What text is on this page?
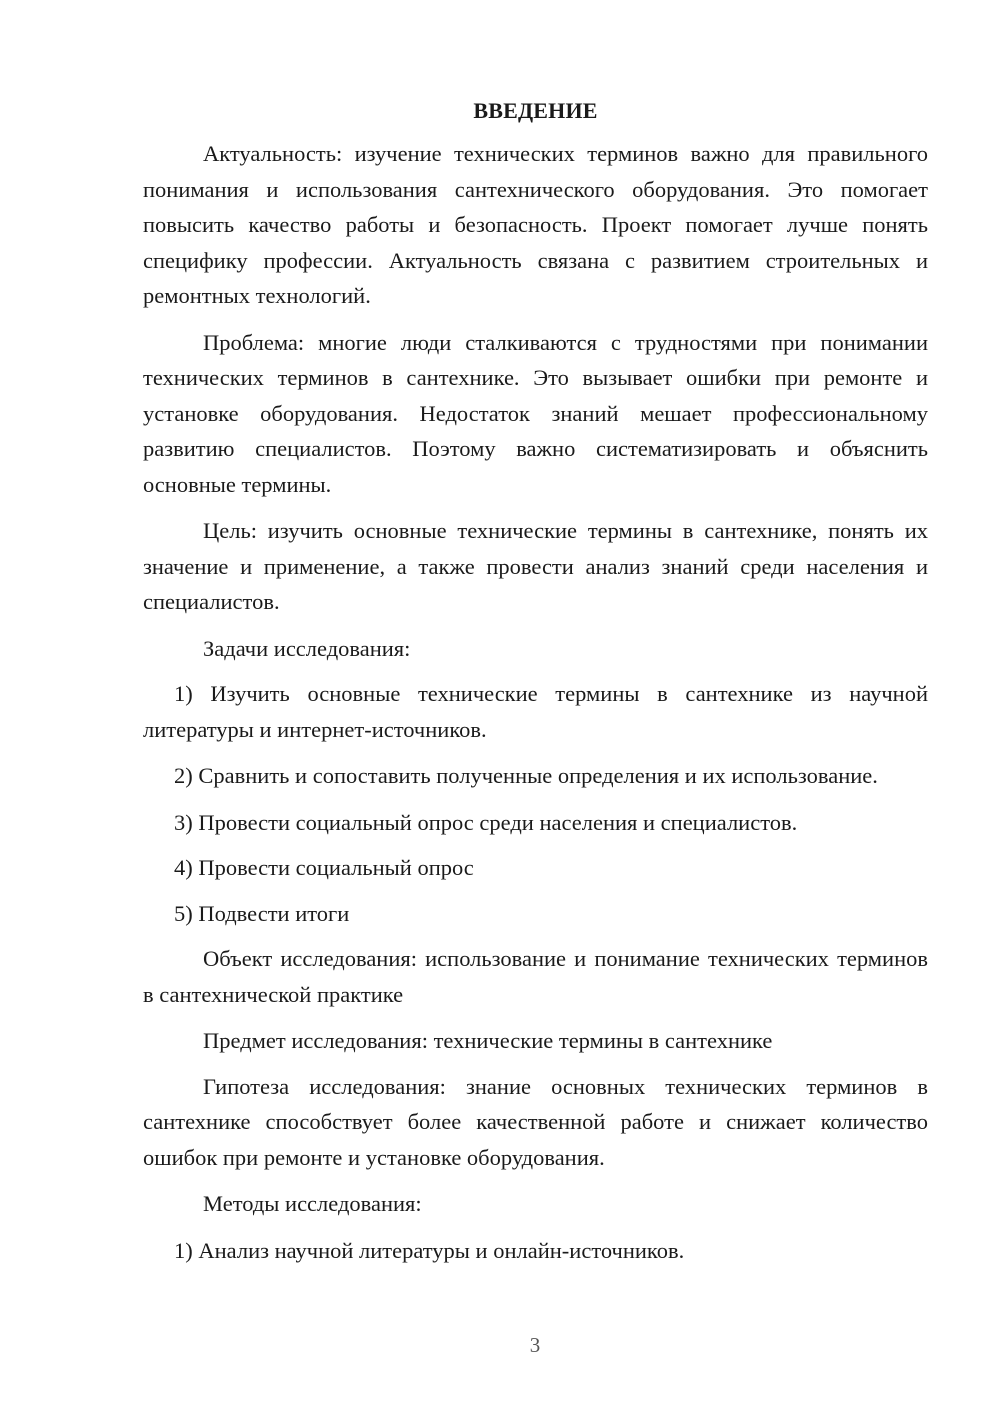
ВВЕДЕНИЕ

Актуальность: изучение технических терминов важно для правильного понимания и использования сантехнического оборудования. Это помогает повысить качество работы и безопасность. Проект помогает лучше понять специфику профессии. Актуальность связана с развитием строительных и ремонтных технологий.

Проблема: многие люди сталкиваются с трудностями при понимании технических терминов в сантехнике. Это вызывает ошибки при ремонте и установке оборудования. Недостаток знаний мешает профессиональному развитию специалистов. Поэтому важно систематизировать и объяснить основные термины.

Цель: изучить основные технические термины в сантехнике, понять их значение и применение, а также провести анализ знаний среди населения и специалистов.

Задачи исследования:

1) Изучить основные технические термины в сантехнике из научной литературы и интернет-источников.

2) Сравнить и сопоставить полученные определения и их использование.

3) Провести социальный опрос среди населения и специалистов.

4) Провести социальный опрос

5) Подвести итоги

Объект исследования: использование и понимание технических терминов в сантехнической практике

Предмет исследования: технические термины в сантехнике

Гипотеза исследования: знание основных технических терминов в сантехнике способствует более качественной работе и снижает количество ошибок при ремонте и установке оборудования.

Методы исследования:

1) Анализ научной литературы и онлайн-источников.

3
